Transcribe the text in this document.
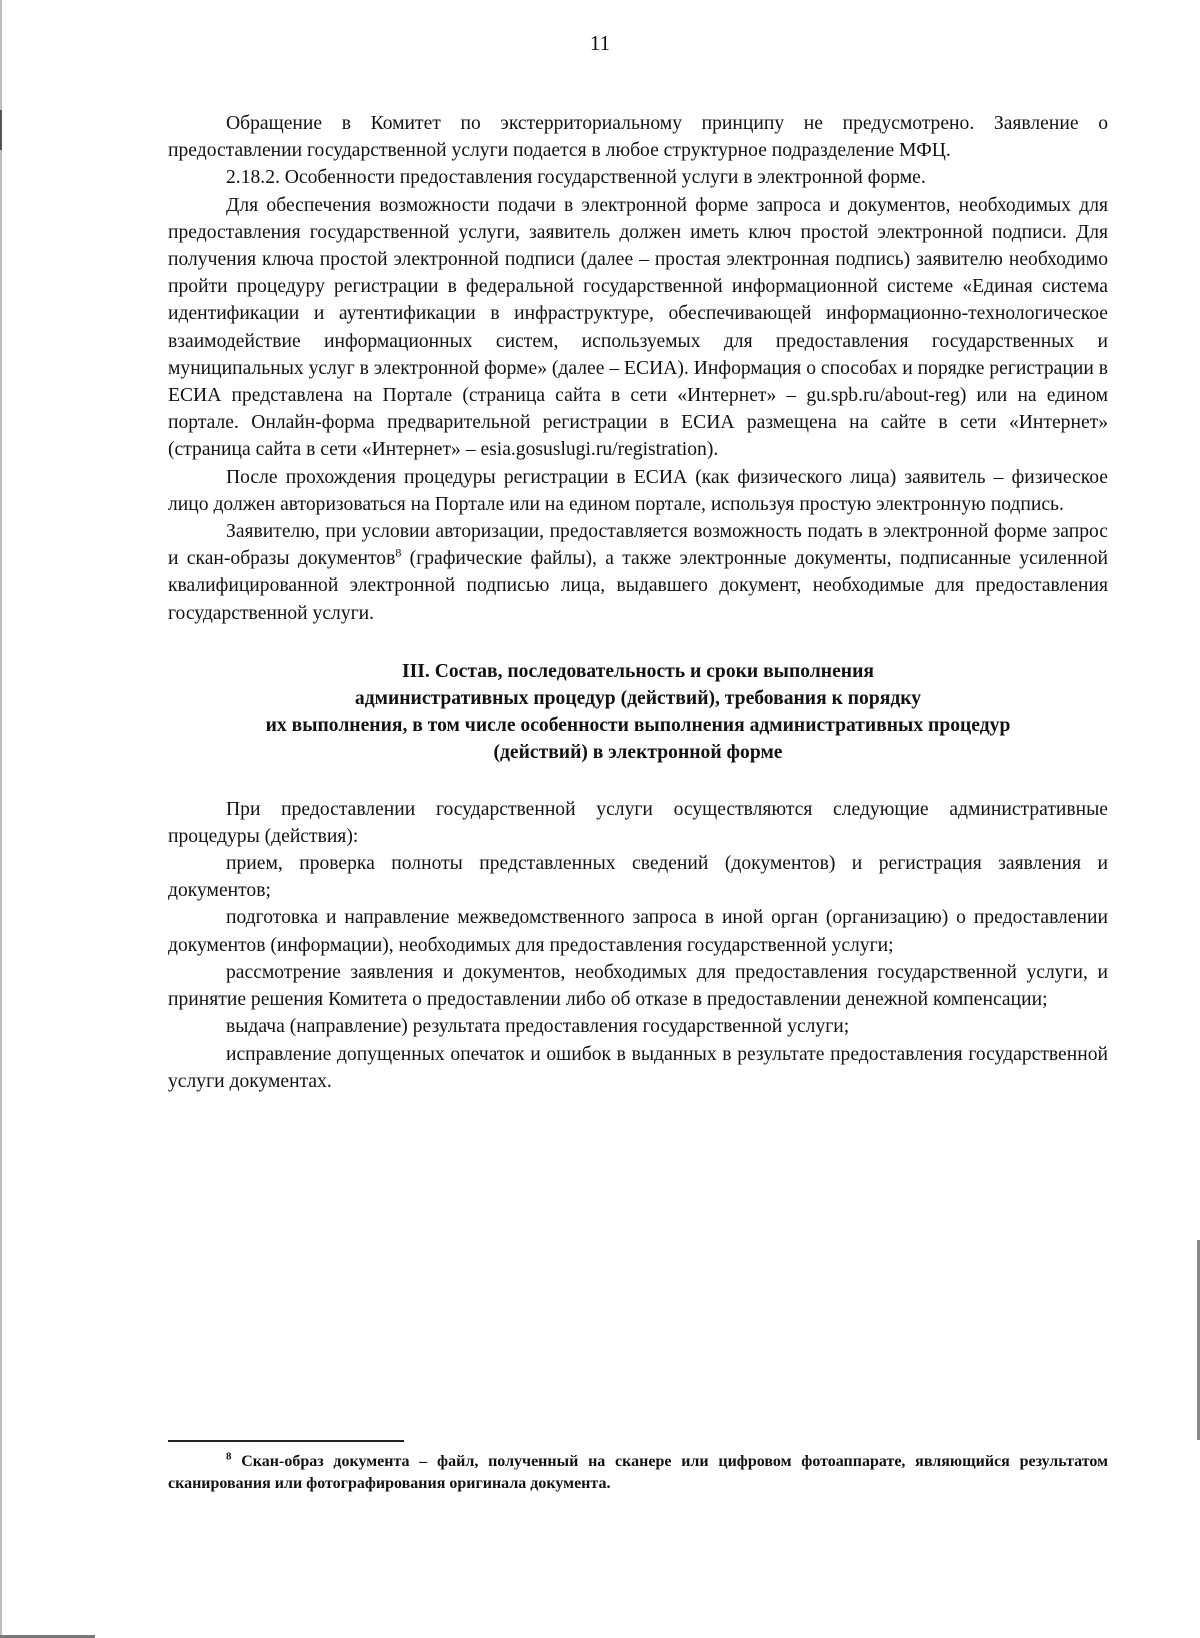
11

Обращение в Комитет по экстерриториальному принципу не предусмотрено. Заявление о предоставлении государственной услуги подается в любое структурное подразделение МФЦ.

2.18.2. Особенности предоставления государственной услуги в электронной форме.

Для обеспечения возможности подачи в электронной форме запроса и документов, необходимых для предоставления государственной услуги, заявитель должен иметь ключ простой электронной подписи. Для получения ключа простой электронной подписи (далее – простая электронная подпись) заявителю необходимо пройти процедуру регистрации в федеральной государственной информационной системе «Единая система идентификации и аутентификации в инфраструктуре, обеспечивающей информационно-технологическое взаимодействие информационных систем, используемых для предоставления государственных и муниципальных услуг в электронной форме» (далее – ЕСИА). Информация о способах и порядке регистрации в ЕСИА представлена на Портале (страница сайта в сети «Интернет» – gu.spb.ru/about-reg) или на едином портале. Онлайн-форма предварительной регистрации в ЕСИА размещена на сайте в сети «Интернет» (страница сайта в сети «Интернет» – esia.gosuslugi.ru/registration).

После прохождения процедуры регистрации в ЕСИА (как физического лица) заявитель – физическое лицо должен авторизоваться на Портале или на едином портале, используя простую электронную подпись.

Заявителю, при условии авторизации, предоставляется возможность подать в электронной форме запрос и скан-образы документов$^8$ (графические файлы), а также электронные документы, подписанные усиленной квалифицированной электронной подписью лица, выдавшего документ, необходимые для предоставления государственной услуги.

III. Состав, последовательность и сроки выполнения
административных процедур (действий), требования к порядку
их выполнения, в том числе особенности выполнения административных процедур
(действий) в электронной форме

При предоставлении государственной услуги осуществляются следующие административные процедуры (действия):

прием, проверка полноты представленных сведений (документов) и регистрация заявления и документов;

подготовка и направление межведомственного запроса в иной орган (организацию) о предоставлении документов (информации), необходимых для предоставления государственной услуги;

рассмотрение заявления и документов, необходимых для предоставления государственной услуги, и принятие решения Комитета о предоставлении либо об отказе в предоставлении денежной компенсации;

выдача (направление) результата предоставления государственной услуги;

исправление допущенных опечаток и ошибок в выданных в результате предоставления государственной услуги документах.

$^8$ Скан-образ документа – файл, полученный на сканере или цифровом фотоаппарате, являющийся результатом сканирования или фотографирования оригинала документа.
